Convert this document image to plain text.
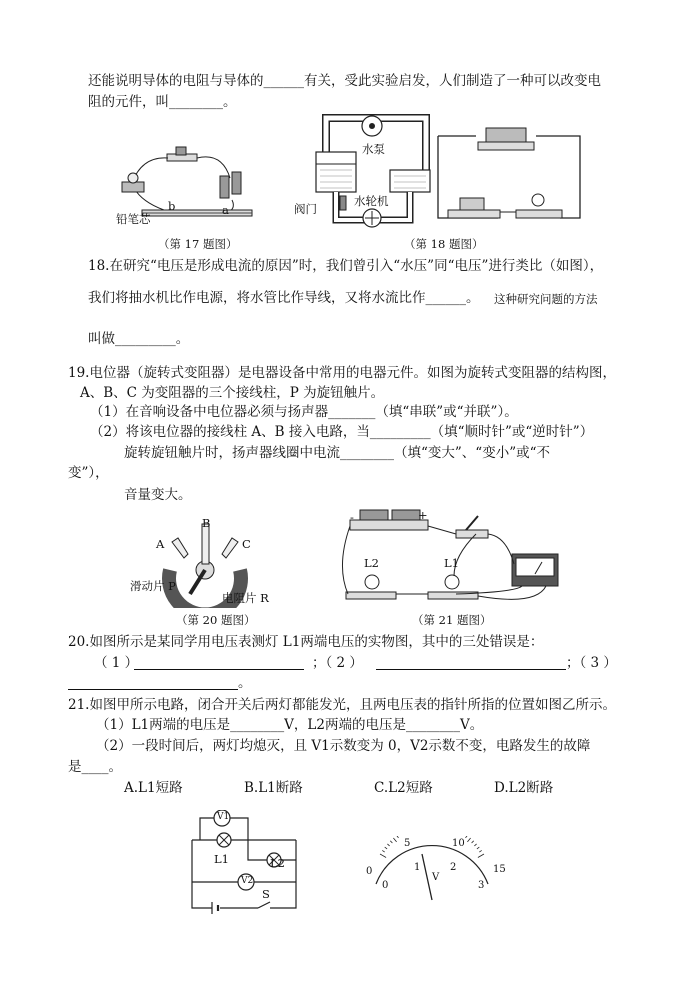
还能说明导体的电阻与导体的______有关，受此实验启发，人们制造了一种可以改变电
阻的元件，叫________。
b	a
铅笔芯
（第 17 题图）
水泵
阀门
水轮机
（第 18 题图）
18.在研究“电压是形成电流的原因”时，我们曾引入“水压”同“电压”进行类比（如图），
我们将抽水机比作电源，将水管比作导线，又将水流比作______。 这种研究问题的方法
叫做_________。
19.电位器（旋转式变阻器）是电器设备中常用的电器元件。如图为旋转式变阻器的结构图，
A、B、C 为变阻器的三个接线柱，P 为旋钮触片。
（1）在音响设备中电位器必须与扬声器_______（填“串联”或“并联”）。
（2）将该电位器的接线柱 A、B 接入电路，当_________（填“顺时针”或“逆时针”）
旋转旋钮触片时，扬声器线圈中电流________（填“变大”、“变小”或“不
变”），
音量变大。
B
A	C
滑动片 P
电阻片 R
（第 20 题图）
-	+
L2	L1
（第 21 题图）
20.如图所示是某同学用电压表测灯 L1两端电压的实物图，其中的三处错误是：
（ 1 ）	；（ 2 ）	；（ 3 ）
。
21.如图甲所示电路，闭合开关后两灯都能发光，且两电压表的指针所指的位置如图乙所示。
（1）L1两端的电压是________V，L2两端的电压是________V。
（2）一段时间后，两灯均熄灭，且 V1示数变为 0，V2示数不变，电路发生的故障
是____。
A.L1短路	B.L1断路	C.L2短路	D.L2断路
V1
V2
L1	L2
S
0
5	10
15
0
1	2
3
V
